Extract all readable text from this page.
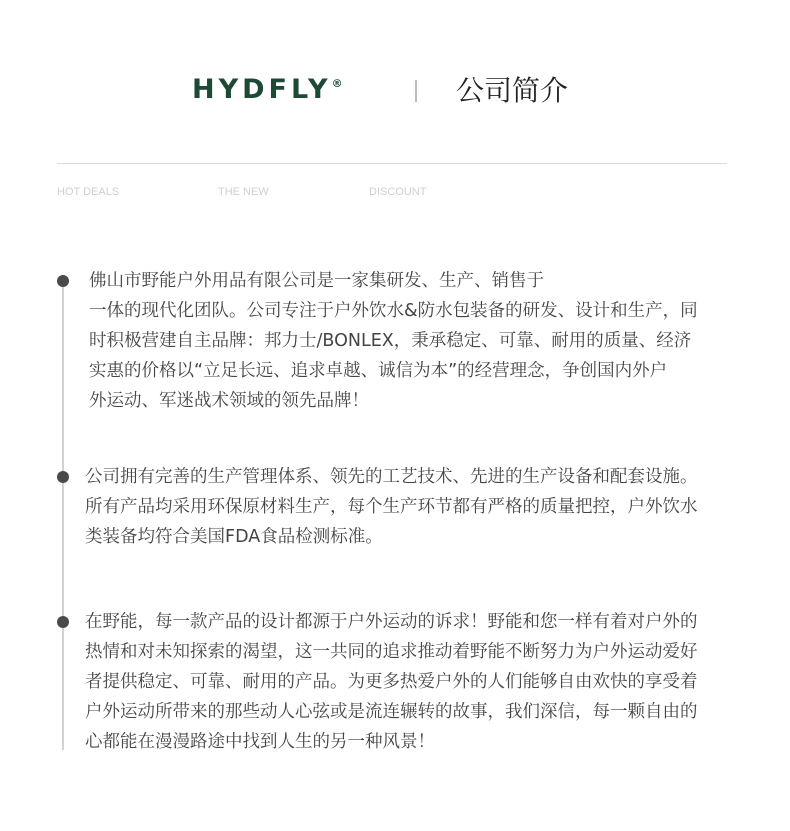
HYDFLY ®	公司简介
HOT DEALS	THE NEW	DISCOUNT
佛山市野能户外用品有限公司是一家集研发、生产、销售于
一体的现代化团队。公司专注于户外饮水&防水包装备的研发、设计和生产，同
时积极营建自主品牌：邦力士/BONLEX，秉承稳定、可靠、耐用的质量、经济
实惠的价格以“立足长远、追求卓越、诚信为本”的经营理念，争创国内外户
外运动、军迷战术领域的领先品牌！
公司拥有完善的生产管理体系、领先的工艺技术、先进的生产设备和配套设施。
所有产品均采用环保原材料生产，每个生产环节都有严格的质量把控，户外饮水
类装备均符合美国FDA食品检测标准。
在野能，每一款产品的设计都源于户外运动的诉求！野能和您一样有着对户外的
热情和对未知探索的渴望，这一共同的追求推动着野能不断努力为户外运动爱好
者提供稳定、可靠、耐用的产品。为更多热爱户外的人们能够自由欢快的享受着
户外运动所带来的那些动人心弦或是流连辗转的故事，我们深信，每一颗自由的
心都能在漫漫路途中找到人生的另一种风景！
